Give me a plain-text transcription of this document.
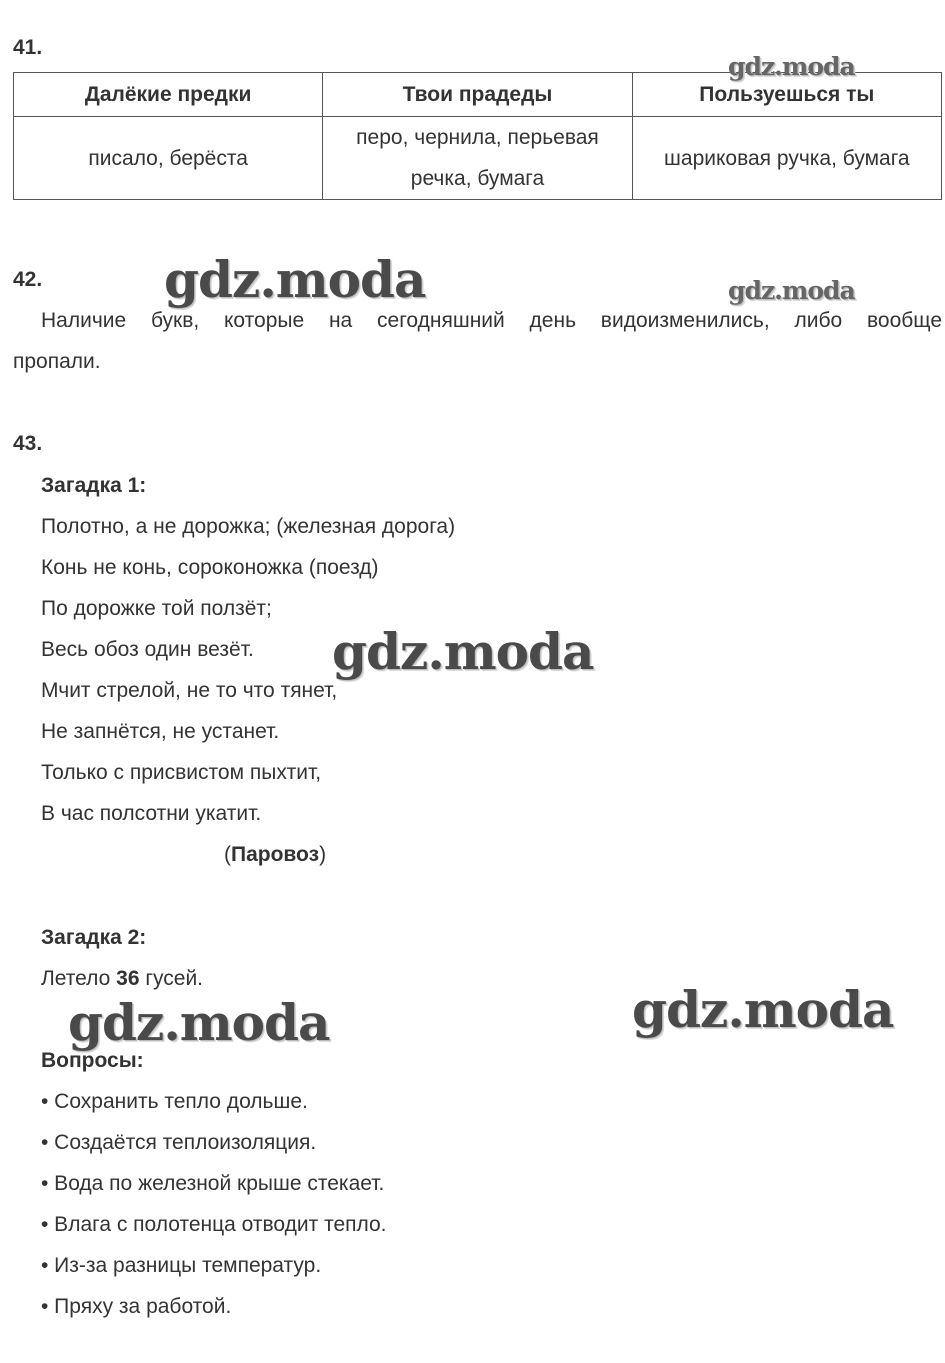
41.
Далёкие предки	Твои прадеды	Пользуешься ты
писало, берёста	перо, чернила, перьевая речка, бумага	шариковая ручка, бумага
42.
Наличие букв, которые на сегодняшний день видоизменились, либо вообще
пропали.
43.
Загадка 1:
Полотно, а не дорожка; (железная дорога)
Конь не конь, сороконожка (поезд)
По дорожке той ползёт;
Весь обоз один везёт.
Мчит стрелой, не то что тянет,
Не запнётся, не устанет.
Только с присвистом пыхтит,
В час полсотни укатит.
(Паровоз)
Загадка 2:
Летело 36 гусей.
Вопросы:
• Сохранить тепло дольше.
• Создаётся теплоизоляция.
• Вода по железной крыше стекает.
• Влага с полотенца отводит тепло.
• Из-за разницы температур.
• Пряху за работой.
gdz.moda
gdz.moda	gdz.moda
gdz.moda
gdz.moda
gdz.moda
